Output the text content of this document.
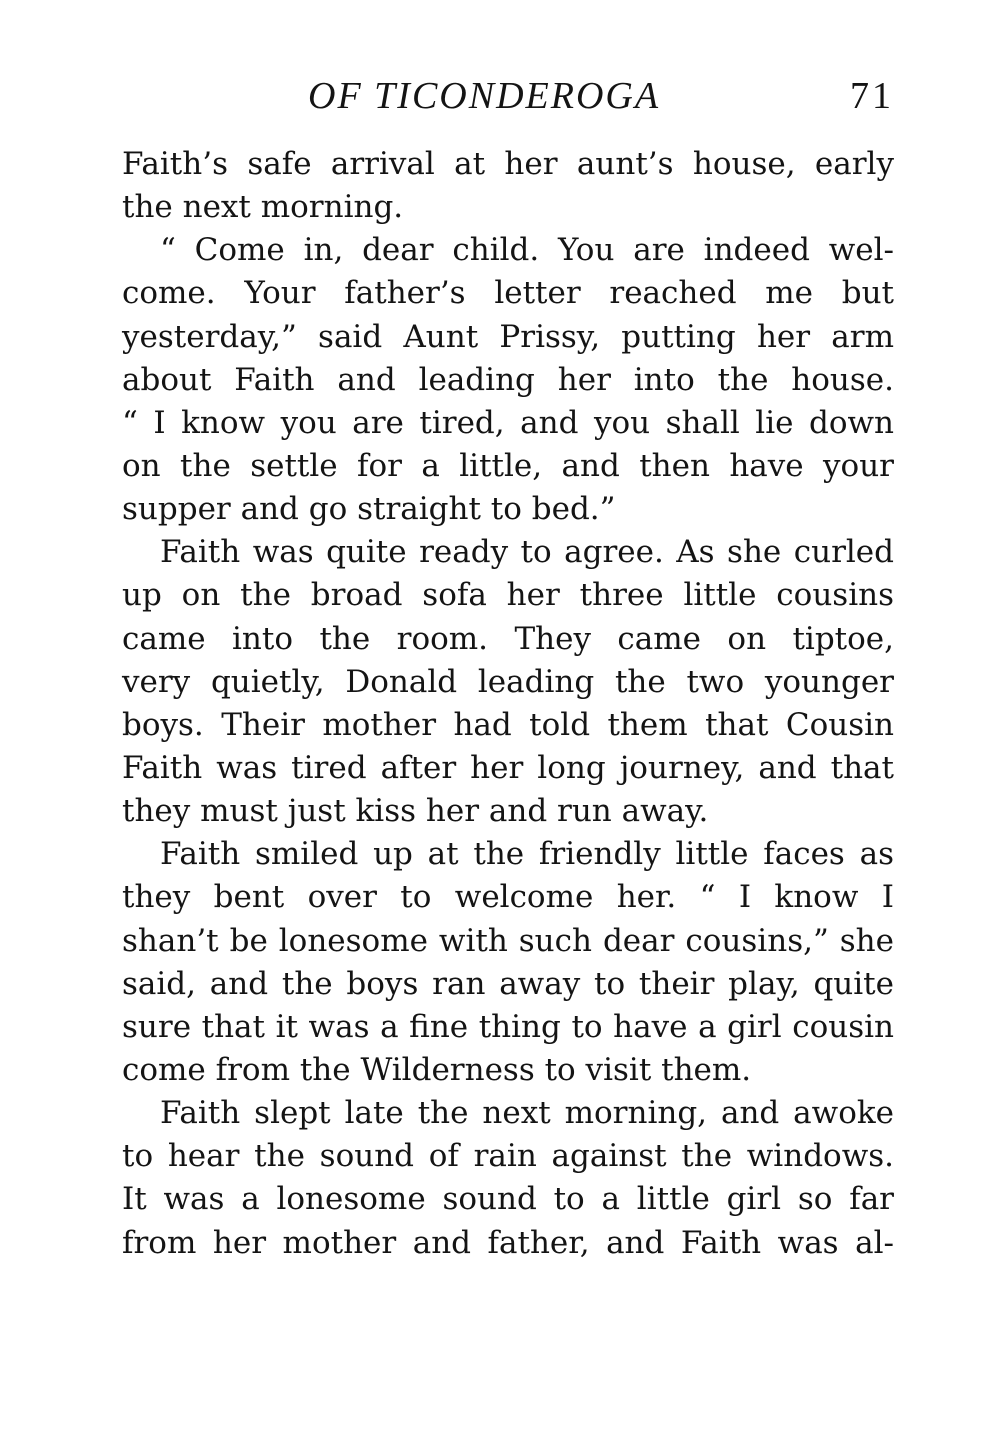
OF TICONDEROGA	71
Faith’s safe arrival at her aunt’s house, early
the next morning.
“ Come in, dear child. You are indeed wel-
come. Your father’s letter reached me but
yesterday,” said Aunt Prissy, putting her arm
about Faith and leading her into the house.
“ I know you are tired, and you shall lie down
on the settle for a little, and then have your
supper and go straight to bed.”
Faith was quite ready to agree. As she curled
up on the broad sofa her three little cousins
came into the room. They came on tiptoe,
very quietly, Donald leading the two younger
boys. Their mother had told them that Cousin
Faith was tired after her long journey, and that
they must just kiss her and run away.
Faith smiled up at the friendly little faces as
they bent over to welcome her. “ I know I
shan’t be lonesome with such dear cousins,” she
said, and the boys ran away to their play, quite
sure that it was a fine thing to have a girl cousin
come from the Wilderness to visit them.
Faith slept late the next morning, and awoke
to hear the sound of rain against the windows.
It was a lonesome sound to a little girl so far
from her mother and father, and Faith was al-
